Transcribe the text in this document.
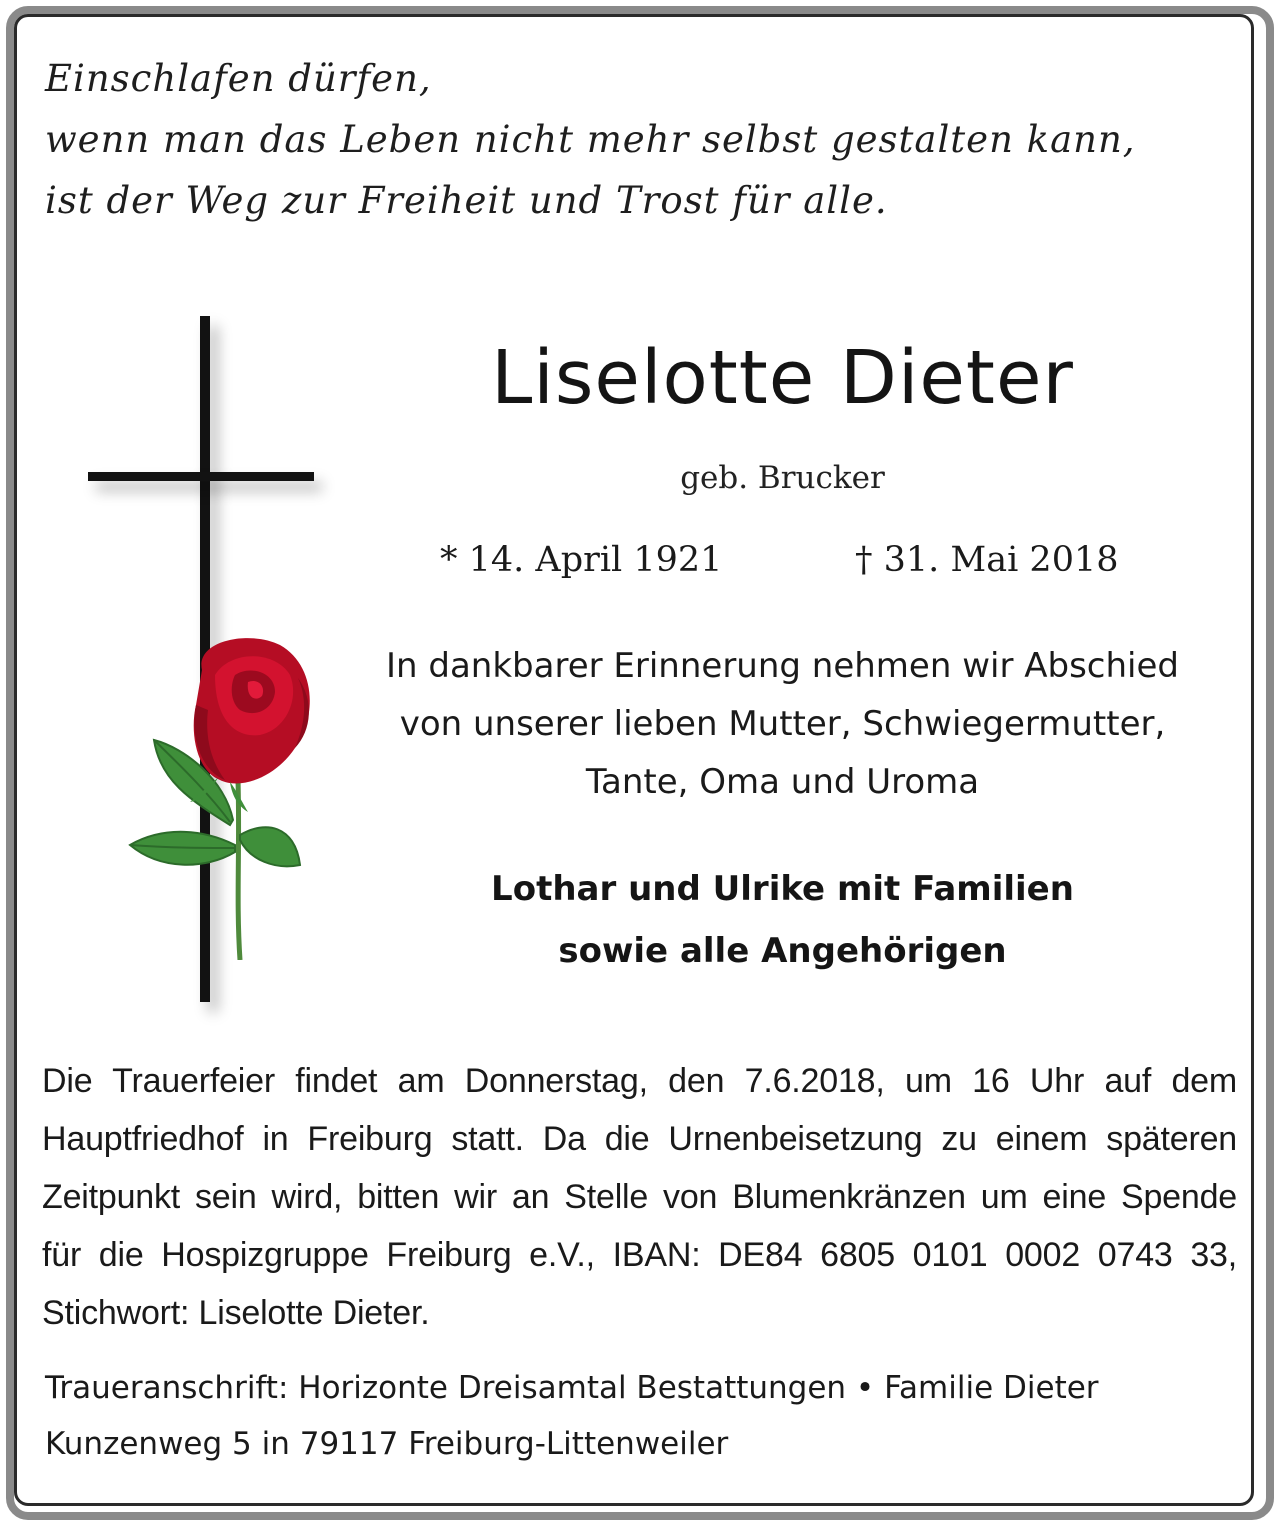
Einschlafen dürfen,
wenn man das Leben nicht mehr selbst gestalten kann,
ist der Weg zur Freiheit und Trost für alle.
Liselotte Dieter
geb. Brucker
* 14. April 1921	† 31. Mai 2018
In dankbarer Erinnerung nehmen wir Abschied
von unserer lieben Mutter, Schwiegermutter,
Tante, Oma und Uroma
Lothar und Ulrike mit Familien
sowie alle Angehörigen
Die Trauerfeier findet am Donnerstag, den 7.6.2018, um 16 Uhr auf dem
Hauptfriedhof in Freiburg statt. Da die Urnenbeisetzung zu einem späteren
Zeitpunkt sein wird, bitten wir an Stelle von Blumenkränzen um eine Spende
für die Hospizgruppe Freiburg e.V., IBAN: DE84 6805 0101 0002 0743 33,
Stichwort: Liselotte Dieter.
Traueranschrift: Horizonte Dreisamtal Bestattungen • Familie Dieter
Kunzenweg 5 in 79117 Freiburg-Littenweiler
